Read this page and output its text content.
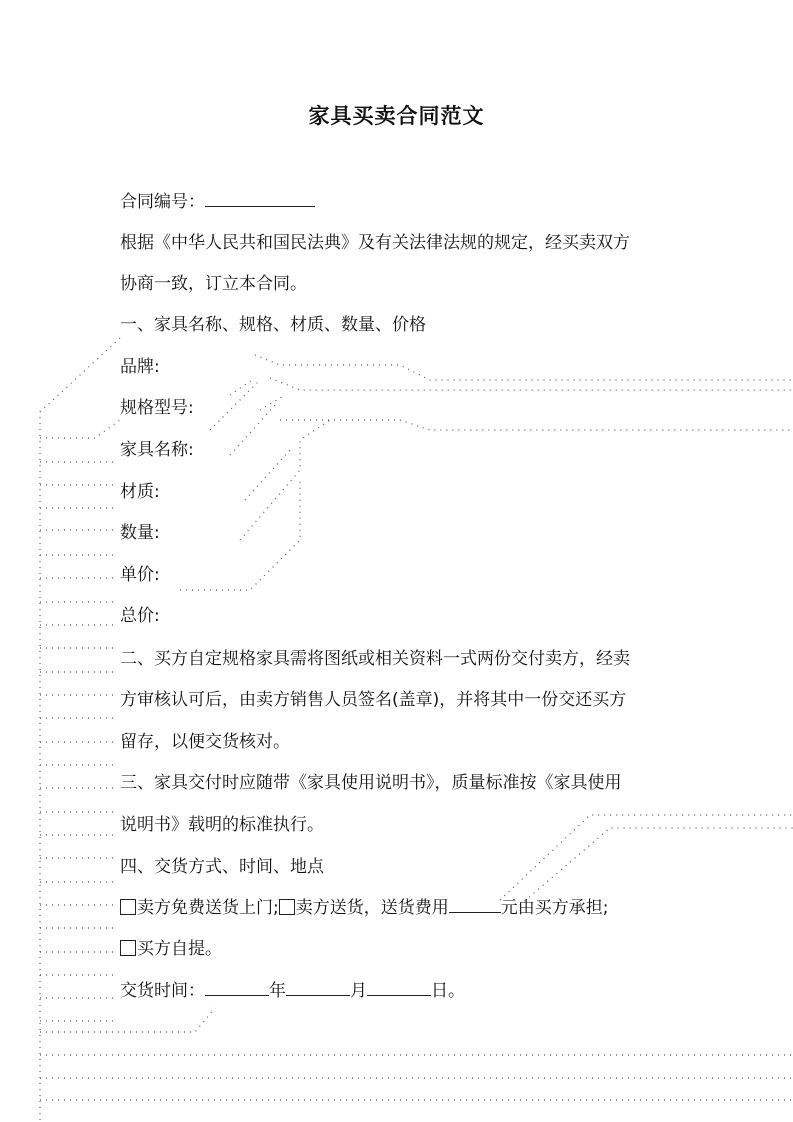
家具买卖合同范文
合同编号：
根据《中华人民共和国民法典》及有关法律法规的规定，经买卖双方
协商一致，订立本合同。
一、家具名称、规格、材质、数量、价格
品牌:
规格型号:
家具名称:
材质:
数量:
单价:
总价:
二、买方自定规格家具需将图纸或相关资料一式两份交付卖方，经卖
方审核认可后，由卖方销售人员签名(盖章)，并将其中一份交还买方
留存，以便交货核对。
三、家具交付时应随带《家具使用说明书》，质量标准按《家具使用
说明书》载明的标准执行。
四、交货方式、时间、地点
卖方免费送货上门; 卖方送货，送货费用	元由买方承担;
买方自提。
交货时间：	年	月	日。
